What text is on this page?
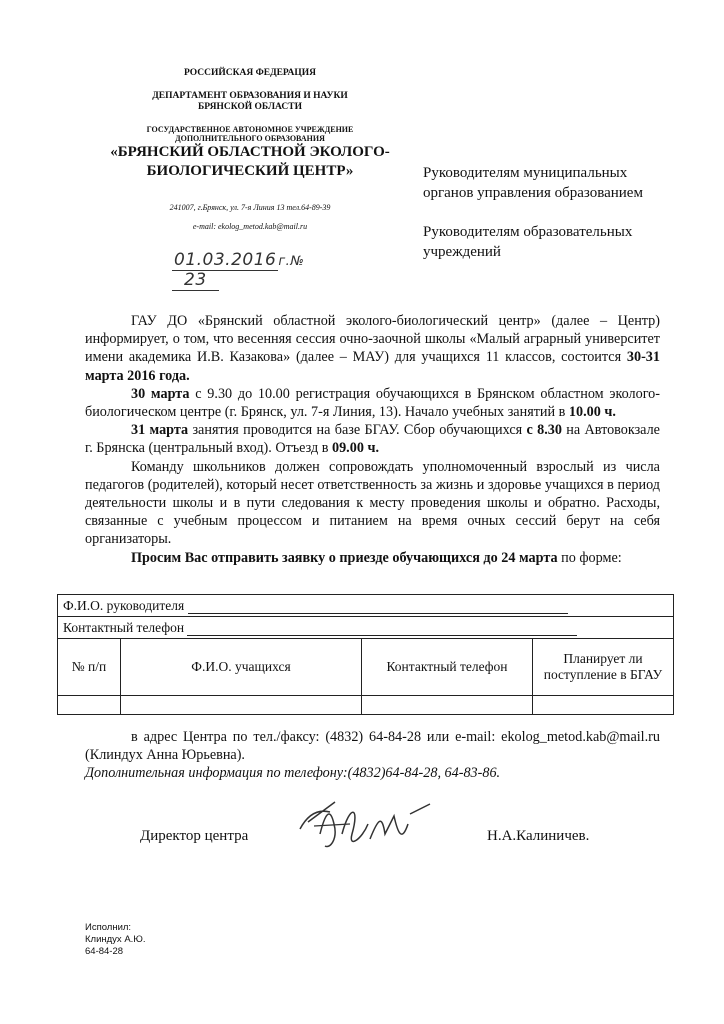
РОССИЙСКАЯ ФЕДЕРАЦИЯ
ДЕПАРТАМЕНТ ОБРАЗОВАНИЯ И НАУКИ
БРЯНСКОЙ ОБЛАСТИ
ГОСУДАРСТВЕННОЕ АВТОНОМНОЕ УЧРЕЖДЕНИЕ
ДОПОЛНИТЕЛЬНОГО ОБРАЗОВАНИЯ
«БРЯНСКИЙ ОБЛАСТНОЙ ЭКОЛОГО-
БИОЛОГИЧЕСКИЙ ЦЕНТР»
241007, г.Брянск, ул. 7-я Линия 13 тел.64-89-39
e-mail: ekolog_metod.kab@mail.ru
01.03.2016 г.№ 23
Руководителям муниципальных
органов управления образованием
Руководителям образовательных
учреждений

ГАУ ДО «Брянский областной эколого-биологический центр» (далее – Центр) информирует, о том, что весенняя сессия очно-заочной школы «Малый аграрный университет имени академика И.В. Казакова» (далее – МАУ) для учащихся 11 классов, состоится 30-31 марта 2016 года.

30 марта с 9.30 до 10.00 регистрация обучающихся в Брянском областном эколого-биологическом центре (г. Брянск, ул. 7-я Линия, 13). Начало учебных занятий в 10.00 ч.

31 марта занятия проводится на базе БГАУ. Сбор обучающихся с 8.30 на Автовокзале г. Брянска (центральный вход). Отъезд в 09.00 ч.

Команду школьников должен сопровождать уполномоченный взрослый из числа педагогов (родителей), который несет ответственность за жизнь и здоровье учащихся в период деятельности школы и в пути следования к месту проведения школы и обратно. Расходы, связанные с учебным процессом и питанием на время очных сессий берут на себя организаторы.

Просим Вас отправить заявку о приезде обучающихся до 24 марта по форме:

Ф.И.О. руководителя			
Контактный телефон			
№ п/п	Ф.И.О. учащихся	Контактный телефон	Планирует ли поступление в БГАУ

в адрес Центра по тел./факсу: (4832) 64-84-28 или e-mail: ekolog_metod.kab@mail.ru (Клиндух Анна Юрьевна).
Дополнительная информация по телефону:(4832)64-84-28, 64-83-86.
Директор центра	Н.А.Калиничев.
Исполнил:
Клиндух А.Ю.
64-84-28
